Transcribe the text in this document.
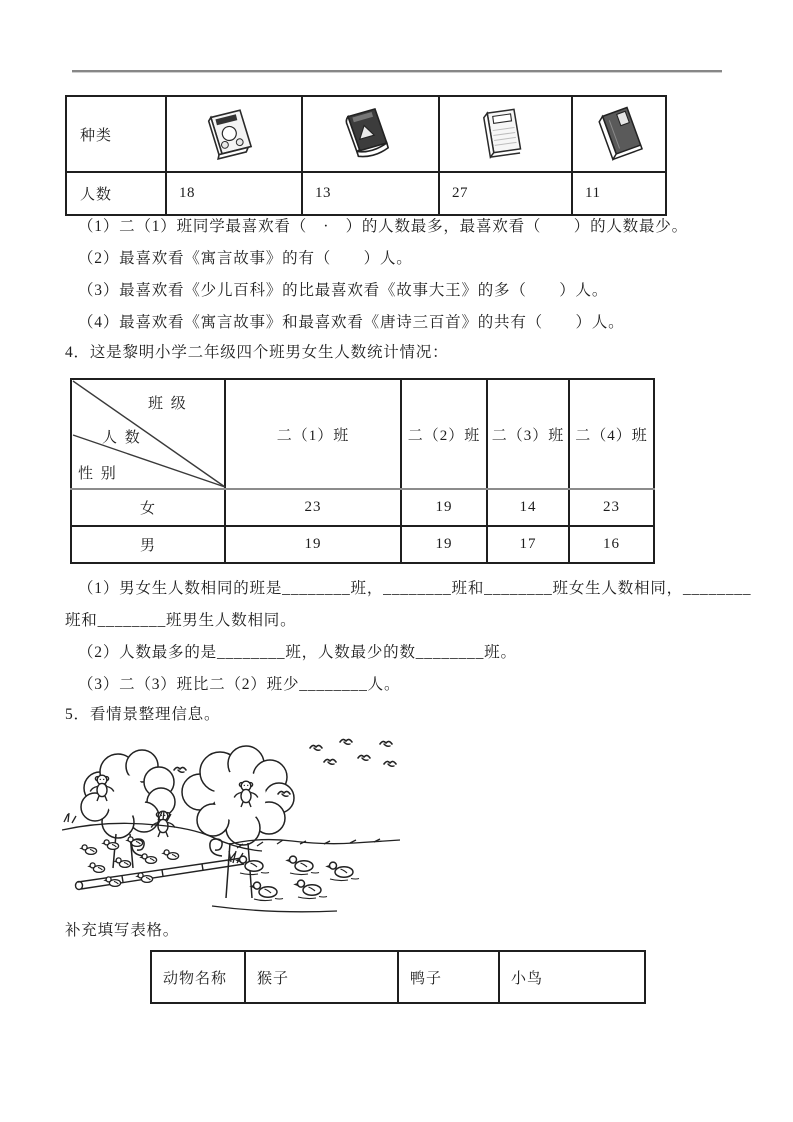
种类				
人数	18	13	27	11
（1）二（1）班同学最喜欢看（　·　）的人数最多，最喜欢看（　　）的人数最少。
（2）最喜欢看《寓言故事》的有（　　）人。
（3）最喜欢看《少儿百科》的比最喜欢看《故事大王》的多（　　）人。
（4）最喜欢看《寓言故事》和最喜欢看《唐诗三百首》的共有（　　）人。
4．这是黎明小学二年级四个班男女生人数统计情况：
班 级
人 数
性 别	二（1）班	二（2）班	二（3）班	二（4）班
女	23	19	14	23
男	19	19	17	16
（1）男女生人数相同的班是________班，________班和________班女生人数相同，________
班和________班男生人数相同。
（2）人数最多的是________班，人数最少的数________班。
（3）二（3）班比二（2）班少________人。
5．看情景整理信息。
补充填写表格。
动物名称	猴子	鸭子	小鸟
